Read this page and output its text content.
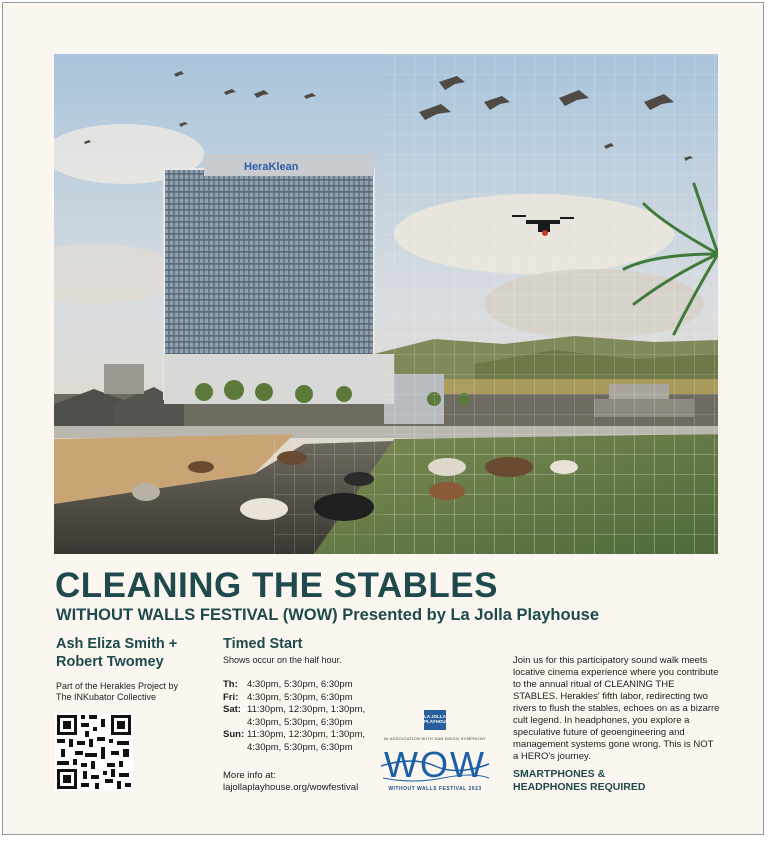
HeraKlean
CLEANING THE STABLES
WITHOUT WALLS FESTIVAL (WOW) Presented by La Jolla Playhouse
Ash Eliza Smith +
Robert Twomey
Part of the Herakles Project by
The INKubator Collective
Timed Start
Shows occur on the half hour.
Th: 4:30pm, 5:30pm, 6:30pm
Fri: 4:30pm, 5:30pm, 6:30pm
Sat: 11:30pm, 12:30pm, 1:30pm,
4:30pm, 5:30pm, 6:30pm
Sun: 11:30pm, 12:30pm, 1:30pm,
4:30pm, 5:30pm, 6:30pm
More info at:
lajollaplayhouse.org/wowfestival
LA JOLLA PLAYHOUSE
IN ASSOCIATION WITH SAN DIEGO SYMPHONY
WOW
WITHOUT WALLS FESTIVAL 2023
Join us for this participatory sound walk meets locative cinema experience where you contribute to the annual ritual of CLEANING THE STABLES. Herakles' fifth labor, redirecting two rivers to flush the stables, echoes on as a bizarre cult legend. In headphones, you explore a speculative future of geoengineering and management systems gone wrong. This is NOT a HERO's journey.
SMARTPHONES &
HEADPHONES REQUIRED
